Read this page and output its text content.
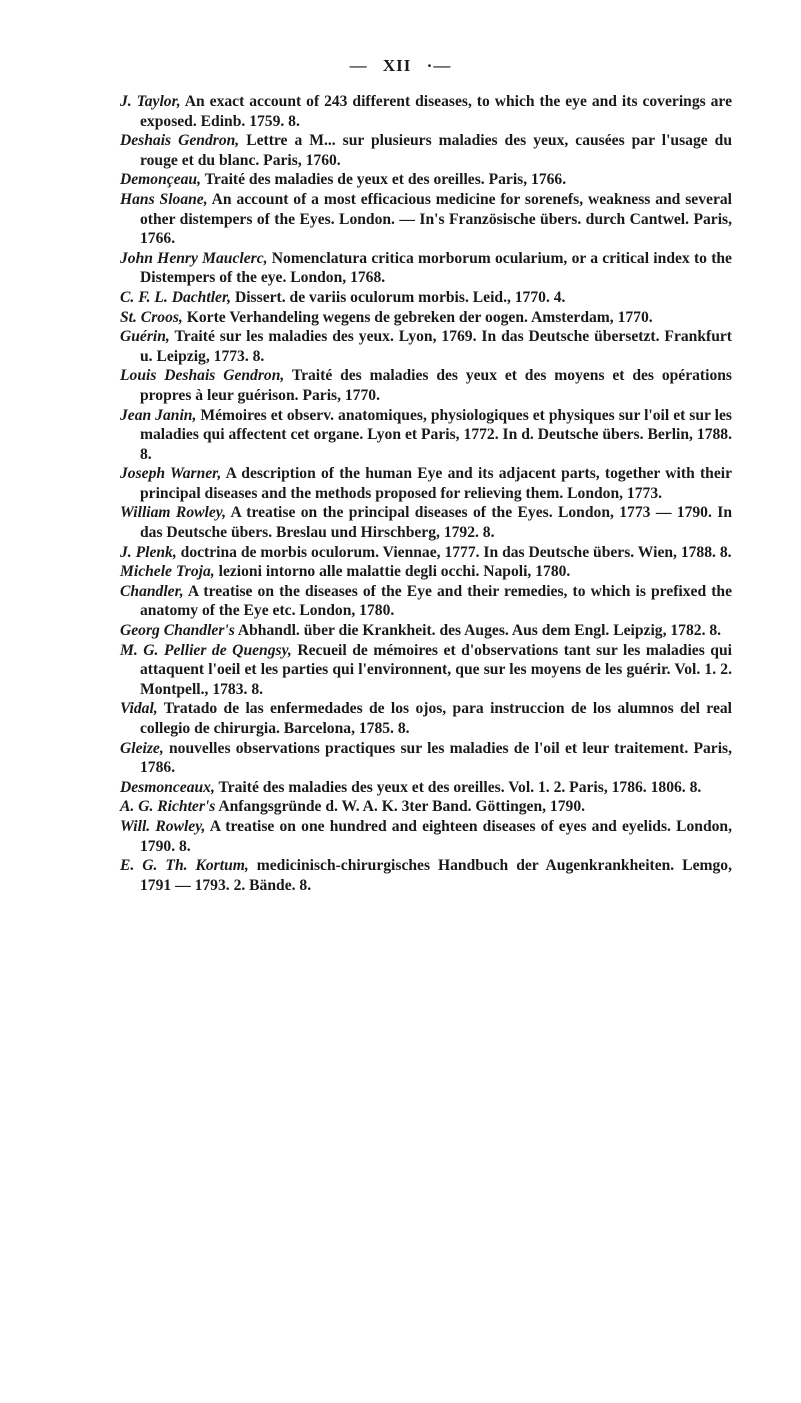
— XII ·—
J. Taylor, An exact account of 243 different diseases, to which the eye and its coverings are exposed. Edinb. 1759. 8.
Deshais Gendron, Lettre a M... sur plusieurs maladies des yeux, causées par l'usage du rouge et du blanc. Paris, 1760.
Demonçeau, Traité des maladies de yeux et des oreilles. Paris, 1766.
Hans Sloane, An account of a most efficacious medicine for sorenefs, weakness and several other distempers of the Eyes. London. — In's Französische übers. durch Cantwel. Paris, 1766.
John Henry Mauclerc, Nomenclatura critica morborum ocularium, or a critical index to the Distempers of the eye. London, 1768.
C. F. L. Dachtler, Dissert. de variis oculorum morbis. Leid., 1770. 4.
St. Croos, Korte Verhandeling wegens de gebreken der oogen. Amsterdam, 1770.
Guérin, Traité sur les maladies des yeux. Lyon, 1769. In das Deutsche übersetzt. Frankfurt u. Leipzig, 1773. 8.
Louis Deshais Gendron, Traité des maladies des yeux et des moyens et des opérations propres à leur guérison. Paris, 1770.
Jean Janin, Mémoires et observ. anatomiques, physiologiques et physiques sur l'oil et sur les maladies qui affectent cet organe. Lyon et Paris, 1772. In d. Deutsche übers. Berlin, 1788. 8.
Joseph Warner, A description of the human Eye and its adjacent parts, together with their principal diseases and the methods proposed for relieving them. London, 1773.
William Rowley, A treatise on the principal diseases of the Eyes. London, 1773 — 1790. In das Deutsche übers. Breslau und Hirschberg, 1792. 8.
J. Plenk, doctrina de morbis oculorum. Viennae, 1777. In das Deutsche übers. Wien, 1788. 8.
Michele Troja, lezioni intorno alle malattie degli occhi. Napoli, 1780.
Chandler, A treatise on the diseases of the Eye and their remedies, to which is prefixed the anatomy of the Eye etc. London, 1780.
Georg Chandler's Abhandl. über die Krankheit. des Auges. Aus dem Engl. Leipzig, 1782. 8.
M. G. Pellier de Quengsy, Recueil de mémoires et d'observations tant sur les maladies qui attaquent l'oeil et les parties qui l'environnent, que sur les moyens de les guérir. Vol. 1. 2. Montpell., 1783. 8.
Vidal, Tratado de las enfermedades de los ojos, para instruccion de los alumnos del real collegio de chirurgia. Barcelona, 1785. 8.
Gleize, nouvelles observations practiques sur les maladies de l'oil et leur traitement. Paris, 1786.
Desmonceaux, Traité des maladies des yeux et des oreilles. Vol. 1. 2. Paris, 1786. 1806. 8.
A. G. Richter's Anfangsgründe d. W. A. K. 3ter Band. Göttingen, 1790.
Will. Rowley, A treatise on one hundred and eighteen diseases of eyes and eyelids. London, 1790. 8.
E. G. Th. Kortum, medicinisch-chirurgisches Handbuch der Augenkrankheiten. Lemgo, 1791 — 1793. 2. Bände. 8.
